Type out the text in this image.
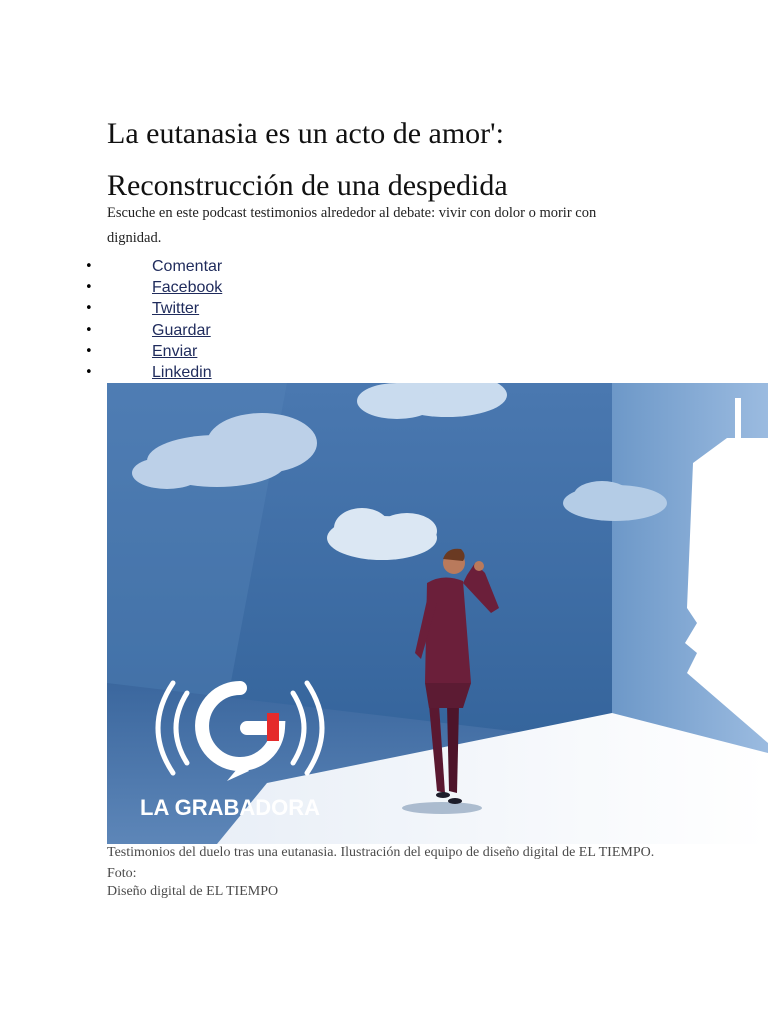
La eutanasia es un acto de amor':
Reconstrucción de una despedida

Escuche en este podcast testimonios alrededor al debate: vivir con dolor o morir con dignidad.

•	Comentar
•	Facebook
•	Twitter
•	Guardar
•	Enviar
•	Linkedin
LA GRABADORA

Testimonios del duelo tras una eutanasia. Ilustración del equipo de diseño digital de EL TIEMPO.

Foto:

Diseño digital de EL TIEMPO
